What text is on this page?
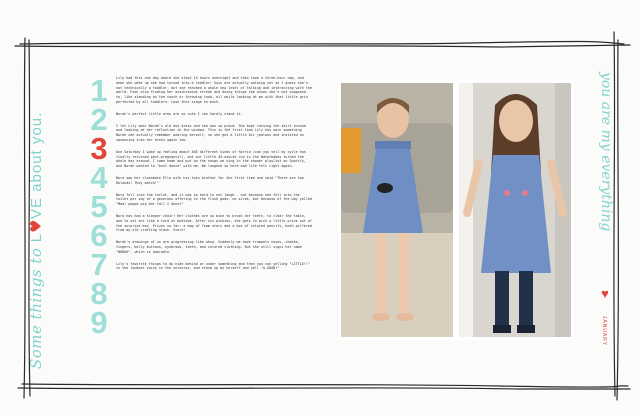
Some things to L♥VE about you.	you are my everything
♥
JANUARY
1
2
3
4
5
6
7
8
9

Lily had this one day where she slept 14 hours overnight and then took a three-hour nap, and when she woke up she had turned into a toddler! Guys are actually walking yet so I guess she's not technically a toddler, but she reached a whole new level of talking and interacting with the world. Even also finding her mischievous streak and doing things she knows she's not supposed to, like standing on the couch or throwing food, all while looking at me with that little grin perfected by all toddlers. Love this stage so much.

Norah's perfect little arms are so cute I can hardly stand it.

I let Lily wear Norah's old dot dress and she was so proud. She kept raising the skirt around and looking at her reflection in the window. This is the first time Lily has worn something Norah can actually remember wearing herself, so she got a little bit jealous and insisted on squeezing into her dress again too.

One Saturday I woke up feeling about 465 different kinds of horrid (can you tell my cycle has finally returned post-pregnancy?), but our little 45-minute run in the Waterbabes turned the whole day around. I came home and put on the songs we sing in the shower playlist on Spotify, and Norah wanted to "bust dance" with me. We laughed so hard and life felt right again.

Nora saw her classmate Ella with his twin brother for the first time and said "There are two Rolands! They match!"

Nora fell into the toilet, and it was so hard to not laugh - not because she fell into the toilet per say of a generous offering to the flush gods, no siree, but because of the way yelled "Mom! peppa pig bar fall I donut"

Nora has had a sleeper chair! Her clothes are so mine to brush her teeth, to clear the table, and to not act like a turd at bedtime. After six pinkies, she gets to pick a little prize out of the surprise box. Prizes so far: a bag of foam stars and a box of colored pencils, both pilfered from my old crafting stash. Score!

Norah's drawings of us are progressing like whoa. Suddenly we have trumpets noses, cheeks, fingers, belly buttons, eyebrows, teeth, and colored clothing. But she still signs her name "NORAH", which is adorable.

Lily's favorite things to do hide behind or under something and then you can yelling "LITTLE!!" in the loudest voice in the universe, and stand up by herself and yell "A-GHAN!"
